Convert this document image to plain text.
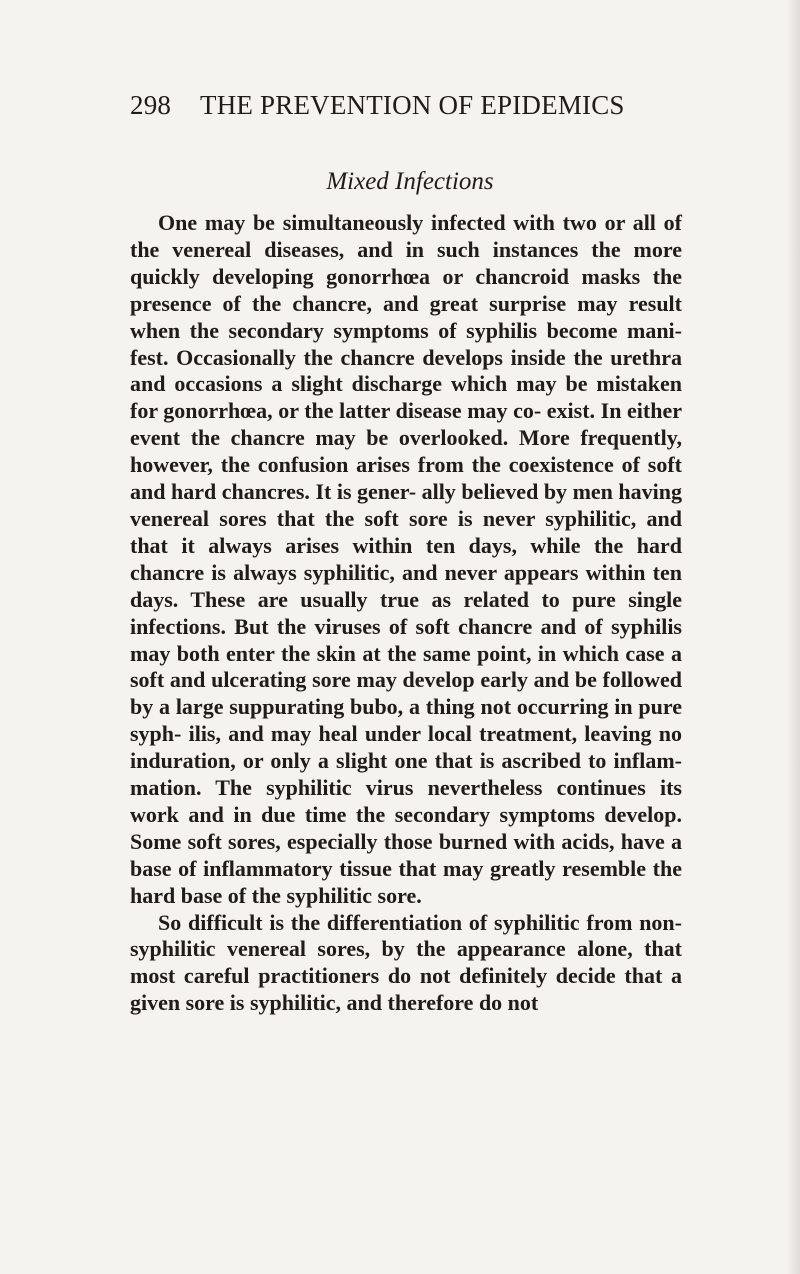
298 THE PREVENTION OF EPIDEMICS
Mixed Infections

One may be simultaneously infected with two or all of the venereal diseases, and in such instances the more quickly developing gonorrhœa or chancroid masks the presence of the chancre, and great surprise may result when the secondary symptoms of syphilis become mani- fest. Occasionally the chancre develops inside the urethra and occasions a slight discharge which may be mistaken for gonorrhœa, or the latter disease may co- exist. In either event the chancre may be overlooked. More frequently, however, the confusion arises from the coexistence of soft and hard chancres. It is gener- ally believed by men having venereal sores that the soft sore is never syphilitic, and that it always arises within ten days, while the hard chancre is always syphilitic, and never appears within ten days. These are usually true as related to pure single infections. But the viruses of soft chancre and of syphilis may both enter the skin at the same point, in which case a soft and ulcerating sore may develop early and be followed by a large suppurating bubo, a thing not occurring in pure syph- ilis, and may heal under local treatment, leaving no induration, or only a slight one that is ascribed to inflam- mation. The syphilitic virus nevertheless continues its work and in due time the secondary symptoms develop. Some soft sores, especially those burned with acids, have a base of inflammatory tissue that may greatly resemble the hard base of the syphilitic sore.

So difficult is the differentiation of syphilitic from non-syphilitic venereal sores, by the appearance alone, that most careful practitioners do not definitely decide that a given sore is syphilitic, and therefore do not
